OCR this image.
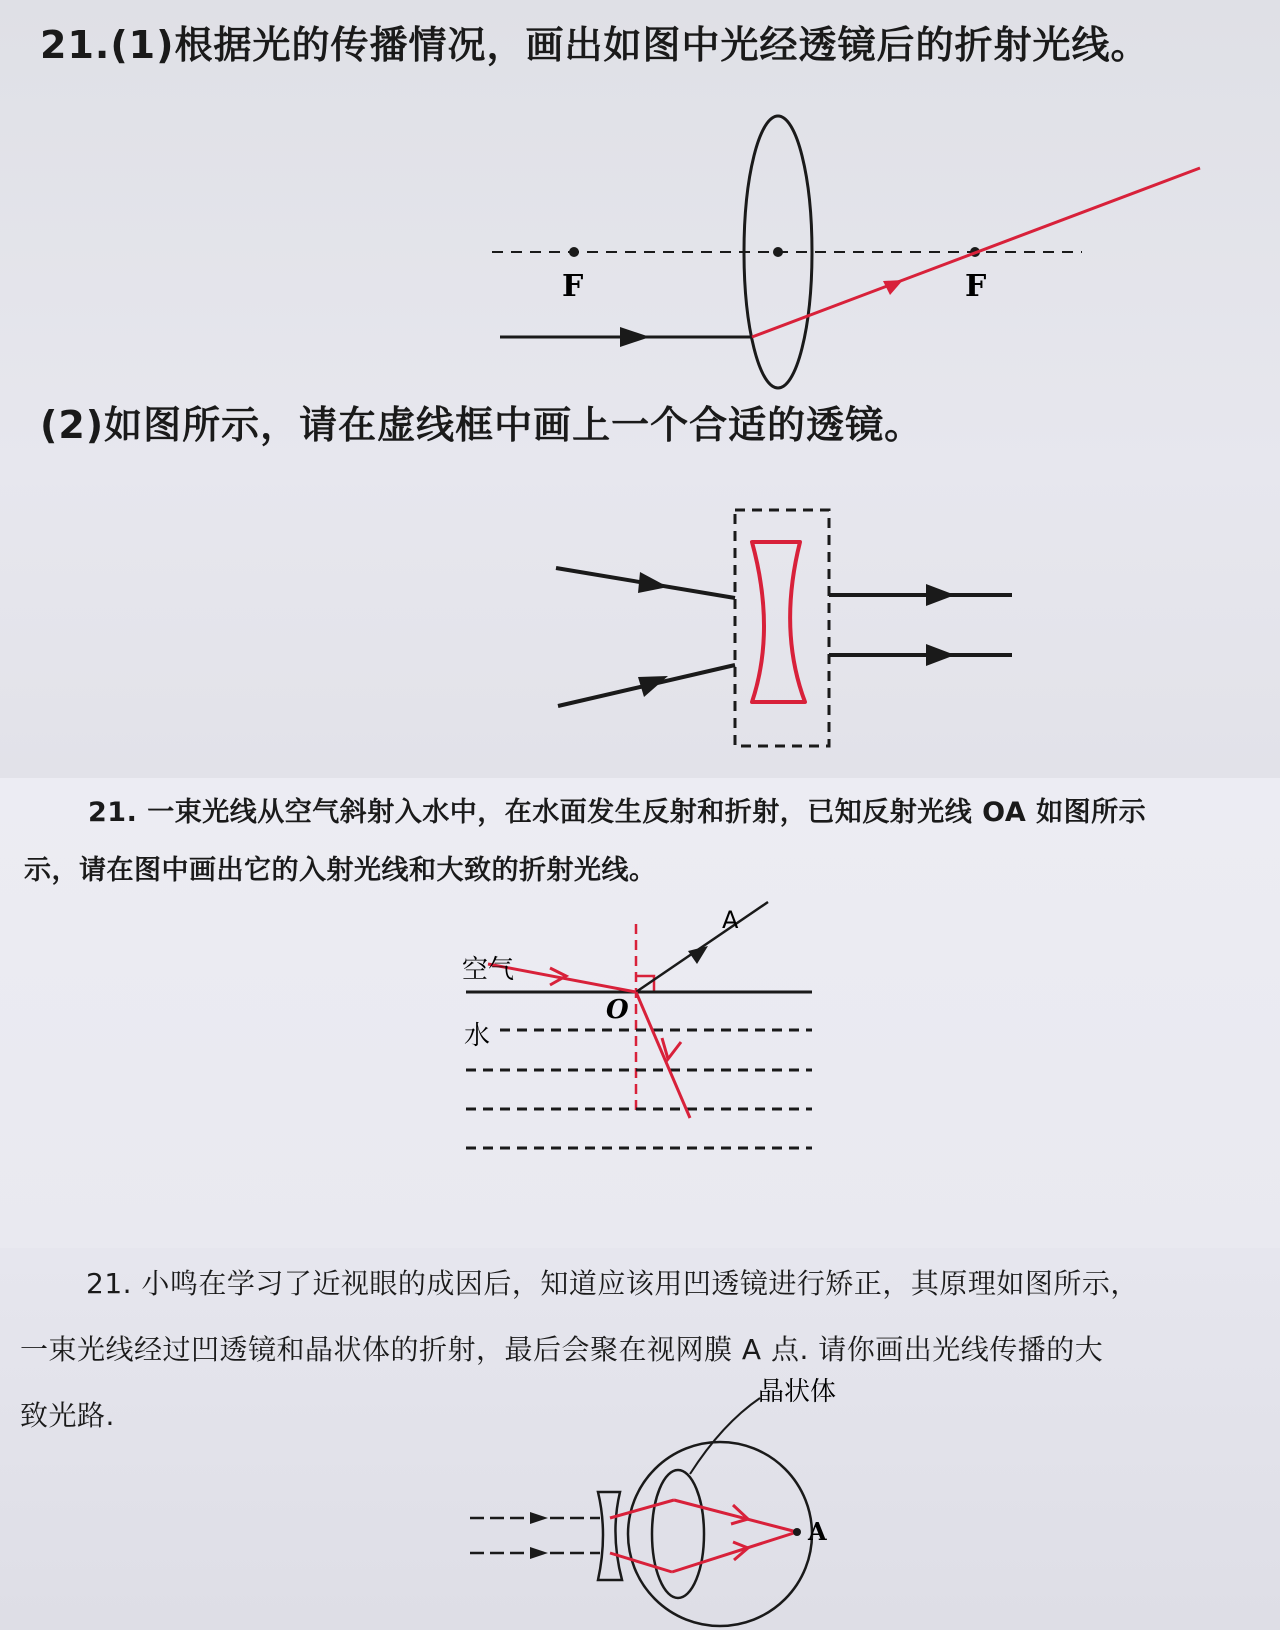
21.(1)根据光的传播情况，画出如图中光经透镜后的折射光线。

F	F

(2)如图所示，请在虚线框中画上一个合适的透镜。

21. 一束光线从空气斜射入水中，在水面发生反射和折射，已知反射光线 OA 如图所示

示，请在图中画出它的入射光线和大致的折射光线。

A
空气
O
水

21. 小鸣在学习了近视眼的成因后，知道应该用凹透镜进行矫正，其原理如图所示，

一束光线经过凹透镜和晶状体的折射，最后会聚在视网膜 A 点. 请你画出光线传播的大

致光路.

晶状体
A
